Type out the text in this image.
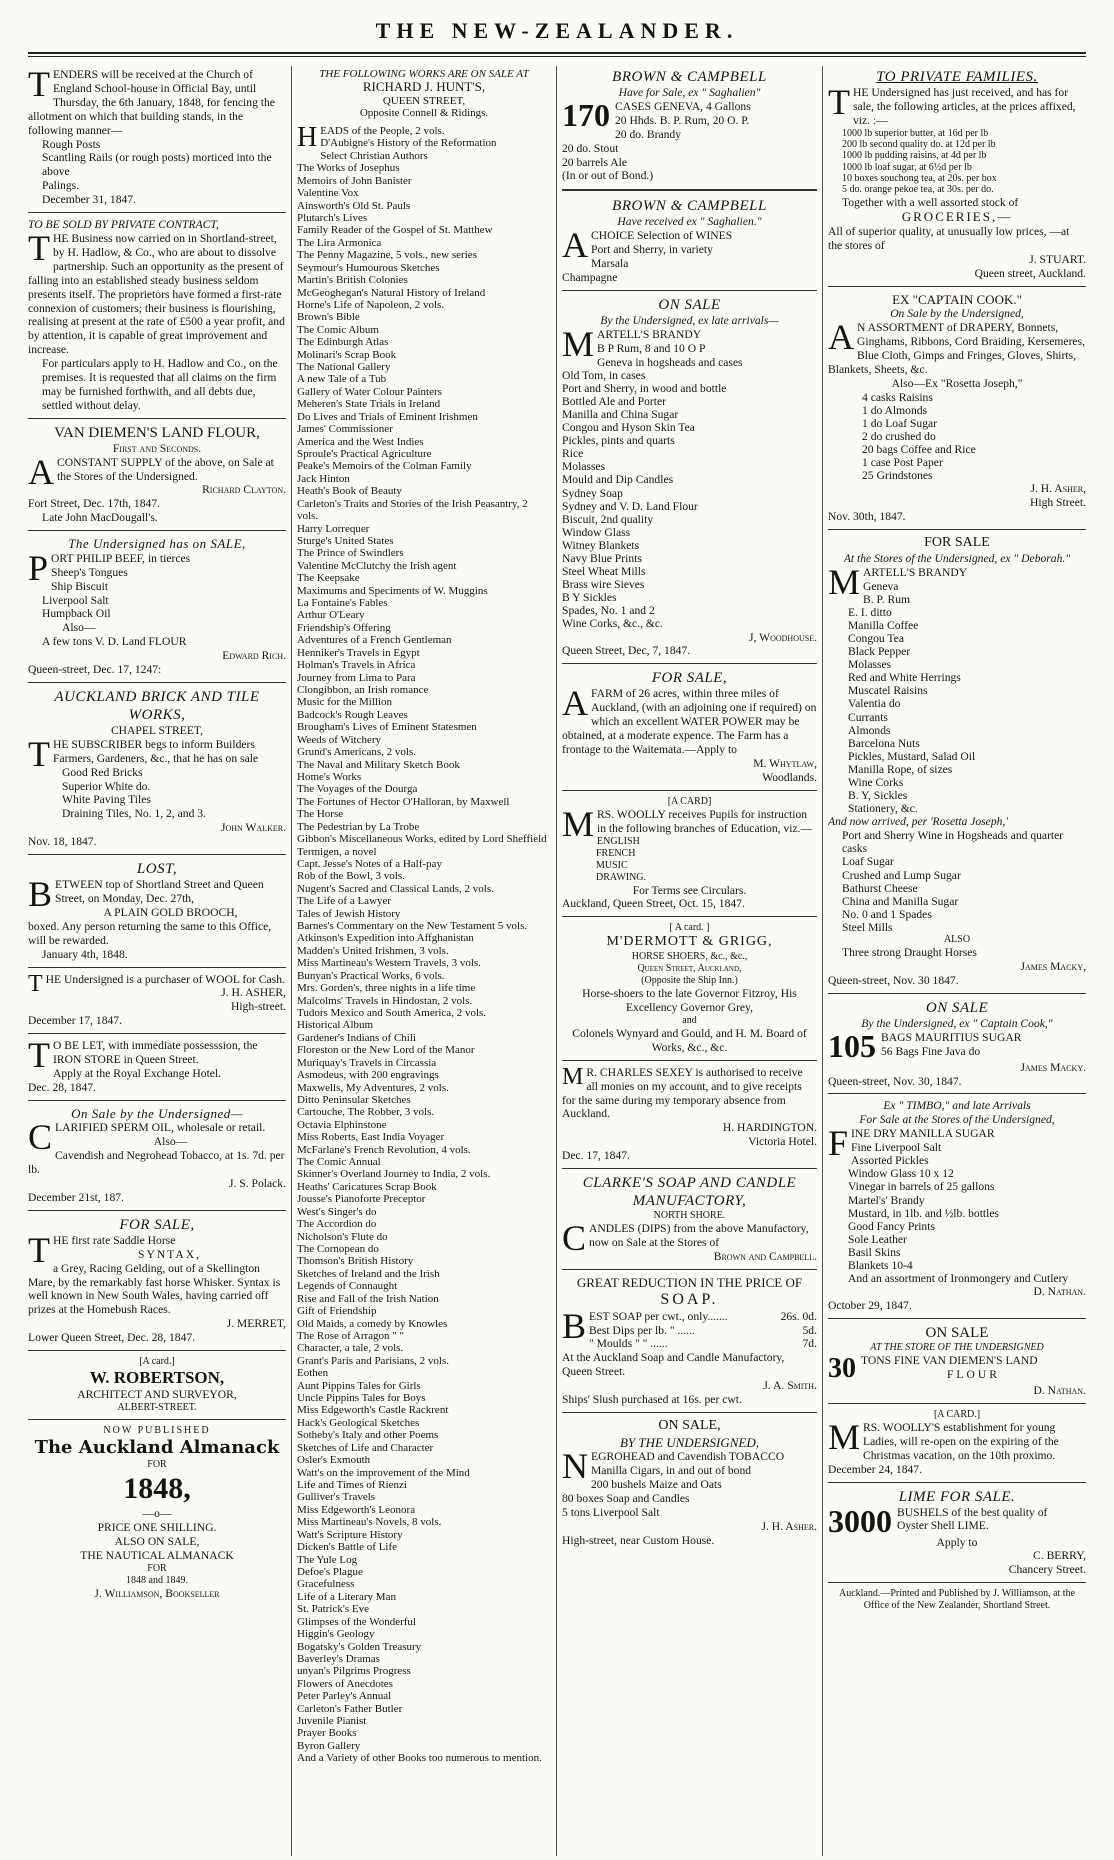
THE NEW-ZEALANDER.
T ENDERS will be received at the Church of England School-house in Official Bay, until Thursday, the 6th January, 1848, for fencing the allotment on which that building stands, in the following manner—

Rough Posts
Scantling Rails (or rough posts) morticed into the above
Palings.

December 31, 1847.

TO BE SOLD BY PRIVATE CONTRACT,

T HE Business now carried on in Shortland-street, by H. Hadlow, & Co., who are about to dissolve partnership. Such an opportunity as the present of falling into an established steady business seldom presents itself. The proprietors have formed a first-rate connexion of customers; their business is flourishing, realising at present at the rate of £500 a year profit, and by attention, it is capable of great improvement and increase.

For particulars apply to H. Hadlow and Co., on the premises. It is requested that all claims on the firm may be furnished forthwith, and all debts due, settled without delay.

VAN DIEMEN'S LAND FLOUR,

First and Seconds.

A CONSTANT SUPPLY of the above, on Sale at the Stores of the Undersigned.

Richard Clayton.

Fort Street, Dec. 17th, 1847.

Late John MacDougall's.

The Undersigned has on SALE,

P ORT PHILIP BEEF, in tierces

Sheep's Tongues
Ship Biscuit
Liverpool Salt
Humpback Oil

Also—

A few tons V. D. Land FLOUR

Edward Rich.

Queen-street, Dec. 17, 1247:

AUCKLAND BRICK AND TILE WORKS,

CHAPEL STREET,

T HE SUBSCRIBER begs to inform Builders Farmers, Gardeners, &c., that he has on sale

Good Red Bricks
Superior White do.
White Paving Tiles
Draining Tiles, No. 1, 2, and 3.

John Walker.

Nov. 18, 1847.

LOST,

B ETWEEN top of Shortland Street and Queen Street, on Monday, Dec. 27th,

A PLAIN GOLD BROOCH,

boxed. Any person returning the same to this Office, will be rewarded.

January 4th, 1848.

T HE Undersigned is a purchaser of WOOL for Cash.

J. H. ASHER,

High-street.

December 17, 1847.

T O BE LET, with immediate possesssion, the IRON STORE in Queen Street.

Apply at the Royal Exchange Hotel.

Dec. 28, 1847.

On Sale by the Undersigned—

C LARIFIED SPERM OIL, wholesale or retail.

Also—

Cavendish and Negrohead Tobacco, at 1s. 7d. per lb.

J. S. Polack.

December 21st, 187.

FOR SALE,

T HE first rate Saddle Horse

SYNTAX,

a Grey, Racing Gelding, out of a Skellington Mare, by the remarkably fast horse Whisker. Syntax is well known in New South Wales, having carried off prizes at the Homebush Races.

J. MERRET,

Lower Queen Street, Dec. 28, 1847.

[A card.]

W. ROBERTSON,

ARCHITECT AND SURVEYOR,

ALBERT-STREET.

NOW PUBLISHED

The Auckland Almanack

FOR

1848,

—o—

PRICE ONE SHILLING.

ALSO ON SALE,

THE NAUTICAL ALMANACK

FOR

1848 and 1849.

J. Williamson, Bookseller

THE FOLLOWING WORKS ARE ON SALE AT

RICHARD J. HUNT'S,

QUEEN STREET,

Opposite Connell & Ridings.

H EADS of the People, 2 vols.
D'Aubigne's History of the Reformation
Select Christian Authors
The Works of Josephus
Memoirs of John Banister
Valentine Vox
Ainsworth's Old St. Pauls
Plutarch's Lives
Family Reader of the Gospel of St. Matthew
The Lira Armonica
The Penny Magazine, 5 vols., new series
Seymour's Humourous Sketches
Martin's British Colonies
McGeoghegan's Natural History of Ireland
Horne's Life of Napoleon, 2 vols.
Brown's Bible
The Comic Album
The Edinburgh Atlas
Molinari's Scrap Book
The National Gallery
A new Tale of a Tub
Gallery of Water Colour Painters
Meheren's State Trials in Ireland
Do Lives and Trials of Eminent Irishmen
James' Commissioner
America and the West Indies
Sproule's Practical Agriculture
Peake's Memoirs of the Colman Family
Jack Hinton
Heath's Book of Beauty
Carleton's Traits and Stories of the Irish Peasantry, 2 vols.
Harry Lorrequer
Sturge's United States
The Prince of Swindlers
Valentine McClutchy the Irish agent
The Keepsake
Maximums and Speciments of W. Muggins
La Fontaine's Fables
Arthur O'Leary
Friendship's Offering
Adventures of a French Gentleman
Henniker's Travels in Egypt
Holman's Travels in Africa
Journey from Lima to Para
Clongibbon, an Irish romance
Music for the Million
Badcock's Rough Leaves
Brougham's Lives of Eminent Statesmen
Weeds of Witchery
Grund's Americans, 2 vols.
The Naval and Military Sketch Book
Home's Works
The Voyages of the Dourga
The Fortunes of Hector O'Halloran, by Maxwell
The Horse
The Pedestrian by La Trobe
Gibbon's Miscellaneous Works, edited by Lord Sheffield
Termigen, a novel
Capt. Jesse's Notes of a Half-pay
Rob of the Bowl, 3 vols.
Nugent's Sacred and Classical Lands, 2 vols.
The Life of a Lawyer
Tales of Jewish History
Barnes's Commentary on the New Testament 5 vols.
Atkinson's Expedition into Affghanistan
Madden's United Irishmen, 3 vols.
Miss Martineau's Western Travels, 3 vols.
Bunyan's Practical Works, 6 vols.
Mrs. Gorden's, three nights in a life time
Malcolms' Travels in Hindostan, 2 vols.
Tudors Mexico and South America, 2 vols.
Historical Album
Gardener's Indians of Chili
Floreston or the New Lord of the Manor
Muriquay's Travels in Circassia
Asmodeus, with 200 engravings
Maxwells, My Adventures, 2 vols.
Ditto Peninsular Sketches
Cartouche, The Robber, 3 vols.
Octavia Elphinstone
Miss Roberts, East India Voyager
McFarlane's French Revolution, 4 vols.
The Comic Annual
Skinner's Overland Journey to India, 2 vols.
Heaths' Caricatures Scrap Book
Jousse's Pianoforte Preceptor
West's Singer's do
The Accordion do
Nicholson's Flute do
The Cornopean do
Thomson's British History
Sketches of Ireland and the Irish
Legends of Connaught
Rise and Fall of the Irish Nation
Gift of Friendship
Old Maids, a comedy by Knowles
The Rose of Arragon " "
Character, a tale, 2 vols.
Grant's Paris and Parisians, 2 vols.
Eothen
Aunt Pippins Tales for Girls
Uncle Pippins Tales for Boys
Miss Edgeworth's Castle Rackrent
Hack's Geological Sketches
Sotheby's Italy and other Poems
Sketches of Life and Character
Osler's Exmouth
Watt's on the improvement of the Mind
Life and Times of Rienzi
Gulliver's Travels
Miss Edgeworth's Leonora
Miss Martineau's Novels, 8 vols.
Watt's Scripture History
Dicken's Battle of Life
The Yule Log
Defoe's Plague
Gracefulness
Life of a Literary Man
St. Patrick's Eve
Glimpses of the Wonderful
Higgin's Geology
Bogatsky's Golden Treasury
Baverley's Dramas
unyan's Pilgrims Progress
Flowers of Anecdotes
Peter Parley's Annual
Carleton's Father Butler
Juvenile Pianist
Prayer Books
Byron Gallery
And a Variety of other Books too numerous to mention.

BROWN & CAMPBELL

Have for Sale, ex " Saghalien"

170 CASES GENEVA, 4 Gallons

20 Hhds. B. P. Rum, 20 O. P.
20 do. Brandy
20 do. Stout
20 barrels Ale
(In or out of Bond.)

BROWN & CAMPBELL

Have received ex " Saghalien."

A CHOICE Selection of WINES

Port and Sherry, in variety
Marsala
Champagne

ON SALE

By the Undersigned, ex late arrivals—

M ARTELL'S BRANDY

B P Rum, 8 and 10 O P

Geneva in hogsheads and cases
Old Tom, in cases
Port and Sherry, in wood and bottle
Bottled Ale and Porter
Manilla and China Sugar
Congou and Hyson Skin Tea
Pickles, pints and quarts
Rice
Molasses
Mould and Dip Candles
Sydney Soap
Sydney and V. D. Land Flour
Biscuit, 2nd quality
Window Glass
Witney Blankets
Navy Blue Prints
Steel Wheat Mills
Brass wire Sieves
B Y Sickles
Spades, No. 1 and 2
Wine Corks, &c., &c.

J, Woodhouse.

Queen Street, Dec, 7, 1847.

FOR SALE,

A FARM of 26 acres, within three miles of Auckland, (with an adjoining one if required) on which an excellent WATER POWER may be obtained, at a moderate expence. The Farm has a frontage to the Waitemata.—Apply to

M. Whytlaw,

Woodlands.

[A CARD]

M RS. WOOLLY receives Pupils for instruction in the following branches of Education, viz.—

ENGLISH
FRENCH
MUSIC
DRAWING.

For Terms see Circulars.

Auckland, Queen Street, Oct. 15, 1847.

[ A card. ]

M'DERMOTT & GRIGG,

HORSE SHOERS, &c., &c.,

Queen Street, Auckland,

(Opposite the Ship Inn.)

Horse-shoers to the late Governor Fitzroy, His Excellency Governor Grey,

and

Colonels Wynyard and Gould, and H. M. Board of Works, &c., &c.

M R. CHARLES SEXEY is authorised to receive all monies on my account, and to give receipts for the same during my temporary absence from Auckland.

H. HARDINGTON.

Victoria Hotel.

Dec. 17, 1847.

CLARKE'S SOAP AND CANDLE MANUFACTORY,

NORTH SHORE.

C ANDLES (DIPS) from the above Manufactory, now on Sale at the Stores of

Brown and Campbell.

GREAT REDUCTION IN THE PRICE OF

SOAP.

B EST SOAP per cwt., only.......	26s. 0d.
Best Dips per lb. " ......	5d.
" Moulds " " ......	7d.

At the Auckland Soap and Candle Manufactory, Queen Street.

J. A. Smith.

Ships' Slush purchased at 16s. per cwt.

ON SALE,

BY THE UNDERSIGNED,

N EGROHEAD and Cavendish TOBACCO

Manilla Cigars, in and out of bond
200 bushels Maize and Oats
80 boxes Soap and Candles
5 tons Liverpool Salt

J. H. Asher.

High-street, near Custom House.

TO PRIVATE FAMILIES.

T HE Undersigned has just received, and has for sale, the following articles, at the prices affixed, viz. :—

1000 lb superior butter, at 16d per lb
200 lb second quality do. at 12d per lb
1000 lb pudding raisins, at 4d per lb
1000 lb loaf sugar, at 6½d per lb
10 boxes souchong tea, at 20s. per box
5 do. orange pekoe tea, at 30s. per do.

Together with a well assorted stock of

GROCERIES,—

All of superior quality, at unusually low prices, —at the stores of

J. STUART.

Queen street, Auckland.

EX "CAPTAIN COOK."

On Sale by the Undersigned,

A N ASSORTMENT of DRAPERY, Bonnets, Ginghams, Ribbons, Cord Braiding, Kersemeres, Blue Cloth, Gimps and Fringes, Gloves, Shirts, Blankets, Sheets, &c.

Also—Ex "Rosetta Joseph,"

4 casks Raisins
1 do Almonds
1 do Loaf Sugar
2 do crushed do
20 bags Coffee and Rice
1 case Post Paper
25 Grindstones

J. H. Asher,

High Street.

Nov. 30th, 1847.

FOR SALE

At the Stores of the Undersigned, ex " Deborah."

M ARTELL'S BRANDY

Geneva
B. P. Rum
E. I. ditto
Manilla Coffee
Congou Tea
Black Pepper
Molasses
Red and White Herrings
Muscatel Raisins
Valentia do
Currants
Almonds
Barcelona Nuts
Pickles, Mustard, Salad Oil
Manilla Rope, of sizes
Wine Corks
B. Y, Sickles
Stationery, &c.

And now arrived, per 'Rosetta Joseph,'

Port and Sherry Wine in Hogsheads and quarter casks
Loaf Sugar
Crushed and Lump Sugar
Bathurst Cheese
China and Manilla Sugar
No. 0 and 1 Spades
Steel Mills

ALSO

Three strong Draught Horses

James Macky,

Queen-street, Nov. 30 1847.

ON SALE

By the Undersigned, ex " Captain Cook,"

105 BAGS MAURITIUS SUGAR

56 Bags Fine Java do

James Macky.

Queen-street, Nov. 30, 1847.

Ex " TIMBO," and late Arrivals

For Sale at the Stores of the Undersigned,

F INE DRY MANILLA SUGAR

Fine Liverpool Salt
Assorted Pickles
Window Glass 10 x 12
Vinegar in barrels of 25 gallons
Martel's' Brandy
Mustard, in 1lb. and ½lb. bottles
Good Fancy Prints
Sole Leather
Basil Skins
Blankets 10-4
And an assortment of Ironmongery and Cutlery

D. Nathan.

October 29, 1847.

ON SALE

AT THE STORE OF THE UNDERSIGNED

30 TONS FINE VAN DIEMEN'S LAND

FLOUR

D. Nathan.

[A CARD.]

M RS. WOOLLY'S establishment for young Ladies, will re-open on the expiring of the Christmas vacation, on the 10th proximo.

December 24, 1847.

LIME FOR SALE.

3000 BUSHELS of the best quality of

Oyster Shell LIME.

Apply to

C. BERRY,

Chancery Street.

Auckland.—Printed and Published by J. Williamson, at the Office of the New Zealander, Shortland Street.
